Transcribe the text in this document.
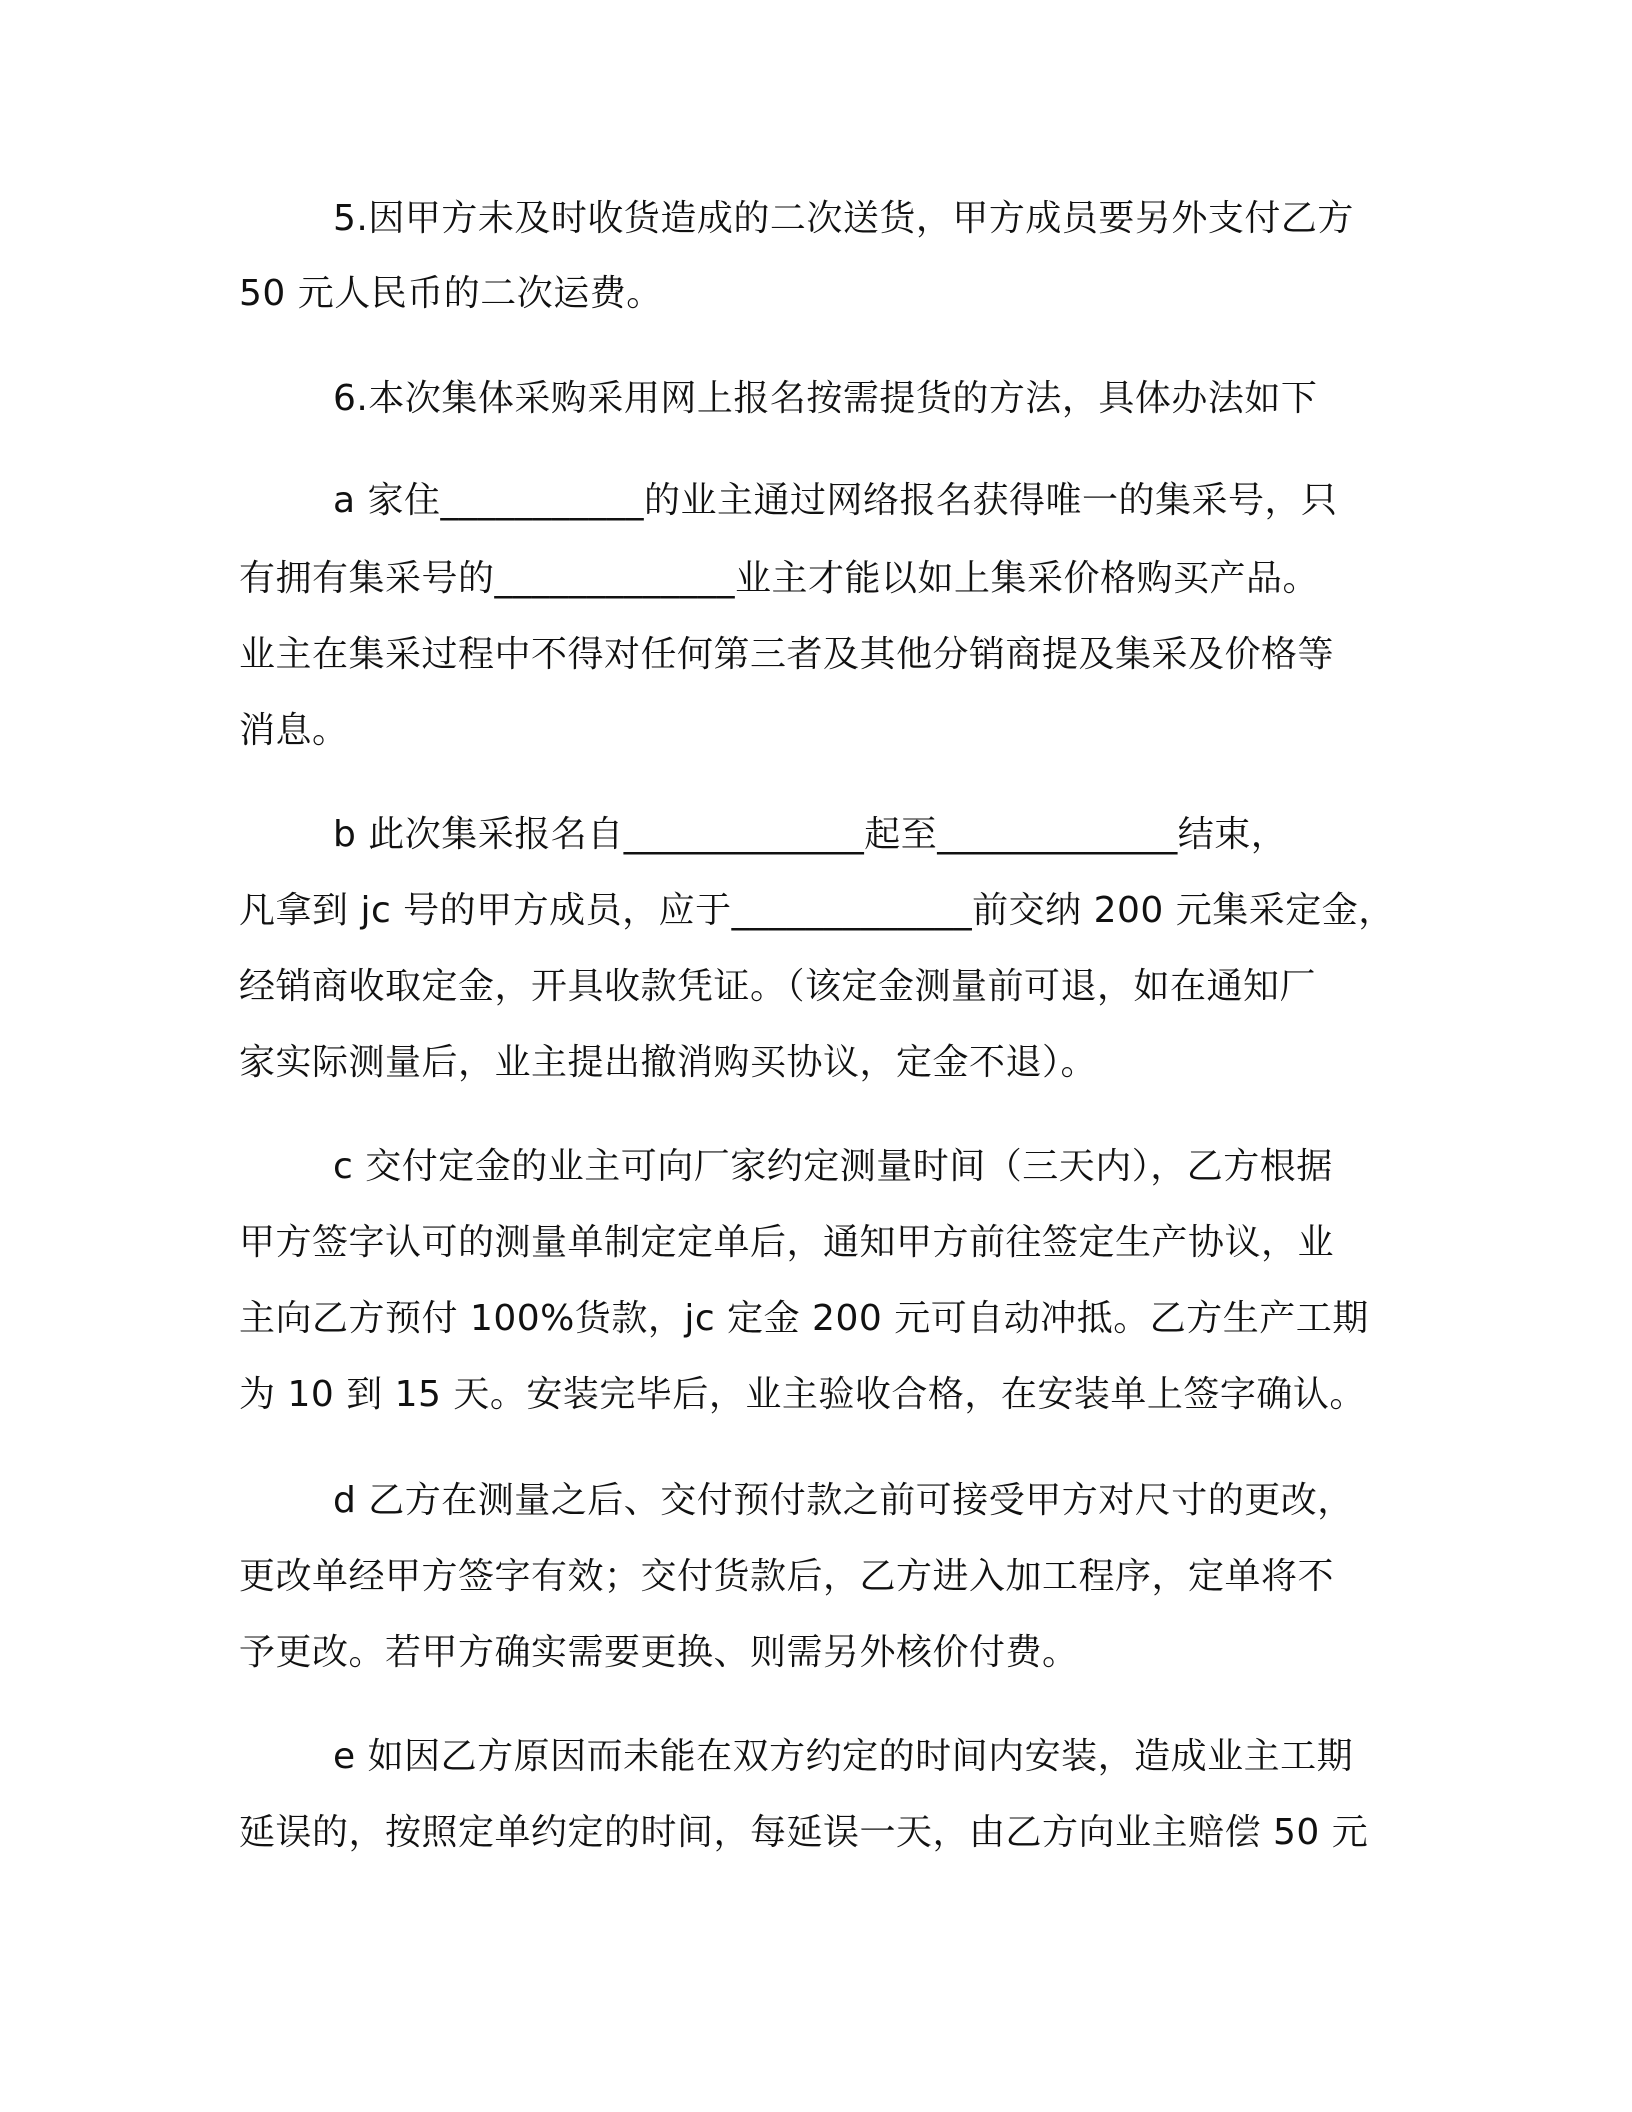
5.因甲方未及时收货造成的二次送货，甲方成员要另外支付乙方
50 元人民币的二次运费。
6.本次集体采购采用网上报名按需提货的方法，具体办法如下
a 家住___________的业主通过网络报名获得唯一的集采号，只
有拥有集采号的_____________业主才能以如上集采价格购买产品。
业主在集采过程中不得对任何第三者及其他分销商提及集采及价格等
消息。
b 此次集采报名自_____________起至_____________结束，
凡拿到 jc 号的甲方成员，应于_____________前交纳 200 元集采定金，
经销商收取定金，开具收款凭证。（该定金测量前可退，如在通知厂
家实际测量后，业主提出撤消购买协议，定金不退）。
c 交付定金的业主可向厂家约定测量时间（三天内），乙方根据
甲方签字认可的测量单制定定单后，通知甲方前往签定生产协议，业
主向乙方预付 100%货款，jc 定金 200 元可自动冲抵。乙方生产工期
为 10 到 15 天。安装完毕后，业主验收合格，在安装单上签字确认。
d 乙方在测量之后、交付预付款之前可接受甲方对尺寸的更改，
更改单经甲方签字有效；交付货款后，乙方进入加工程序，定单将不
予更改。若甲方确实需要更换、则需另外核价付费。
e 如因乙方原因而未能在双方约定的时间内安装，造成业主工期
延误的，按照定单约定的时间，每延误一天，由乙方向业主赔偿 50 元
